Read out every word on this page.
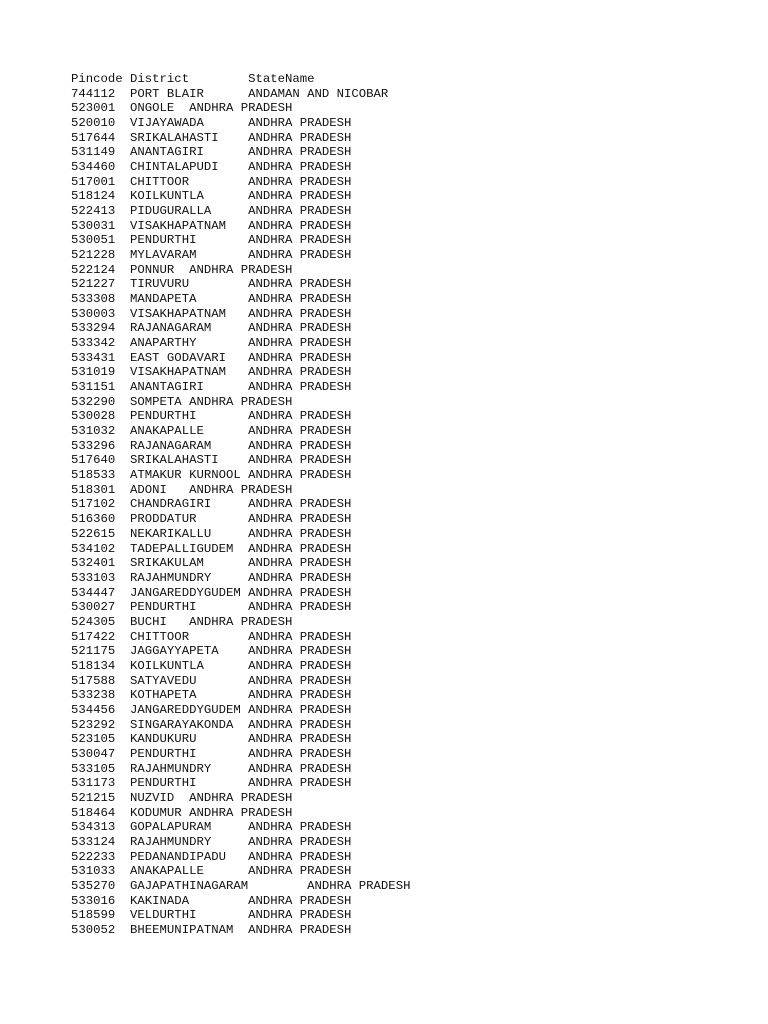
Pincode District        StateName
744112  PORT BLAIR      ANDAMAN AND NICOBAR
523001  ONGOLE  ANDHRA PRADESH
520010  VIJAYAWADA      ANDHRA PRADESH
517644  SRIKALAHASTI    ANDHRA PRADESH
531149  ANANTAGIRI      ANDHRA PRADESH
534460  CHINTALAPUDI    ANDHRA PRADESH
517001  CHITTOOR        ANDHRA PRADESH
518124  KOILKUNTLA      ANDHRA PRADESH
522413  PIDUGURALLA     ANDHRA PRADESH
530031  VISAKHAPATNAM   ANDHRA PRADESH
530051  PENDURTHI       ANDHRA PRADESH
521228  MYLAVARAM       ANDHRA PRADESH
522124  PONNUR  ANDHRA PRADESH
521227  TIRUVURU        ANDHRA PRADESH
533308  MANDAPETA       ANDHRA PRADESH
530003  VISAKHAPATNAM   ANDHRA PRADESH
533294  RAJANAGARAM     ANDHRA PRADESH
533342  ANAPARTHY       ANDHRA PRADESH
533431  EAST GODAVARI   ANDHRA PRADESH
531019  VISAKHAPATNAM   ANDHRA PRADESH
531151  ANANTAGIRI      ANDHRA PRADESH
532290  SOMPETA ANDHRA PRADESH
530028  PENDURTHI       ANDHRA PRADESH
531032  ANAKAPALLE      ANDHRA PRADESH
533296  RAJANAGARAM     ANDHRA PRADESH
517640  SRIKALAHASTI    ANDHRA PRADESH
518533  ATMAKUR KURNOOL ANDHRA PRADESH
518301  ADONI   ANDHRA PRADESH
517102  CHANDRAGIRI     ANDHRA PRADESH
516360  PRODDATUR       ANDHRA PRADESH
522615  NEKARIKALLU     ANDHRA PRADESH
534102  TADEPALLIGUDEM  ANDHRA PRADESH
532401  SRIKAKULAM      ANDHRA PRADESH
533103  RAJAHMUNDRY     ANDHRA PRADESH
534447  JANGAREDDYGUDEM ANDHRA PRADESH
530027  PENDURTHI       ANDHRA PRADESH
524305  BUCHI   ANDHRA PRADESH
517422  CHITTOOR        ANDHRA PRADESH
521175  JAGGAYYAPETA    ANDHRA PRADESH
518134  KOILKUNTLA      ANDHRA PRADESH
517588  SATYAVEDU       ANDHRA PRADESH
533238  KOTHAPETA       ANDHRA PRADESH
534456  JANGAREDDYGUDEM ANDHRA PRADESH
523292  SINGARAYAKONDA  ANDHRA PRADESH
523105  KANDUKURU       ANDHRA PRADESH
530047  PENDURTHI       ANDHRA PRADESH
533105  RAJAHMUNDRY     ANDHRA PRADESH
531173  PENDURTHI       ANDHRA PRADESH
521215  NUZVID  ANDHRA PRADESH
518464  KODUMUR ANDHRA PRADESH
534313  GOPALAPURAM     ANDHRA PRADESH
533124  RAJAHMUNDRY     ANDHRA PRADESH
522233  PEDANANDIPADU   ANDHRA PRADESH
531033  ANAKAPALLE      ANDHRA PRADESH
535270  GAJAPATHINAGARAM        ANDHRA PRADESH
533016  KAKINADA        ANDHRA PRADESH
518599  VELDURTHI       ANDHRA PRADESH
530052  BHEEMUNIPATNAM  ANDHRA PRADESH
